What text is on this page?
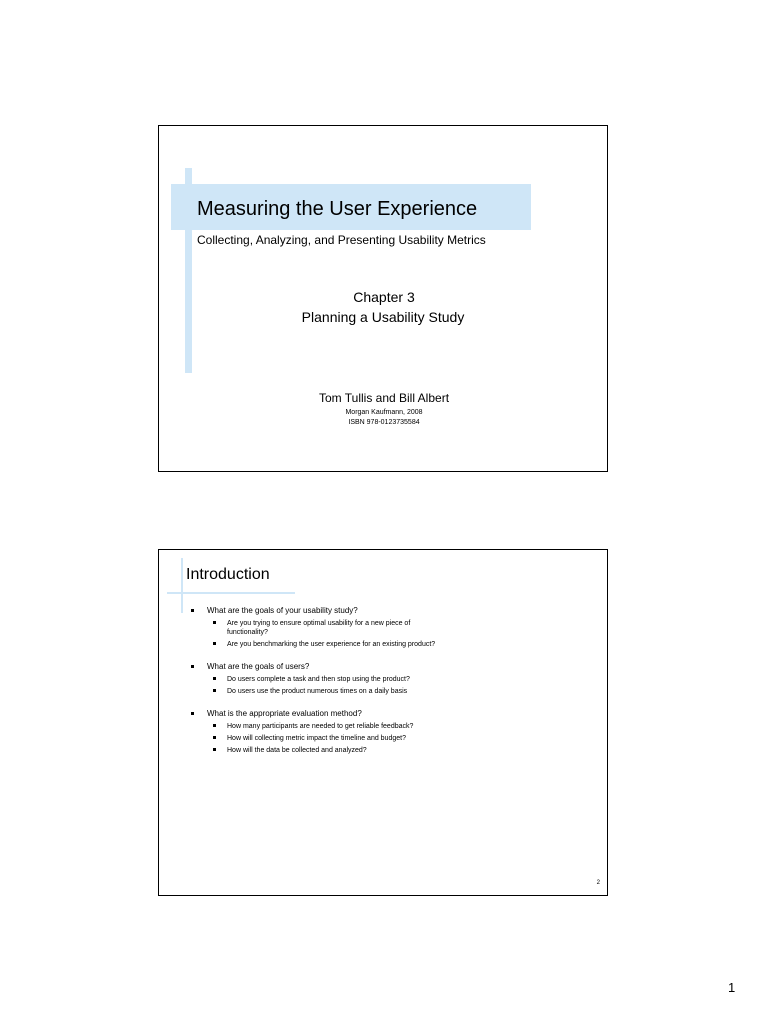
Measuring the User Experience
Collecting, Analyzing, and Presenting Usability Metrics
Chapter 3
Planning a Usability Study
Tom Tullis and Bill Albert
Morgan Kaufmann, 2008
ISBN 978-0123735584
Introduction
What are the goals of your usability study?
Are you trying to ensure optimal usability for a new piece of functionality?
Are you benchmarking the user experience for an existing product?
What are the goals of users?
Do users complete a task and then stop using the product?
Do users use the product numerous times on a daily basis
What is the appropriate evaluation method?
How many participants are needed to get reliable feedback?
How will collecting metric impact the timeline and budget?
How will the data be collected and analyzed?
2
1
